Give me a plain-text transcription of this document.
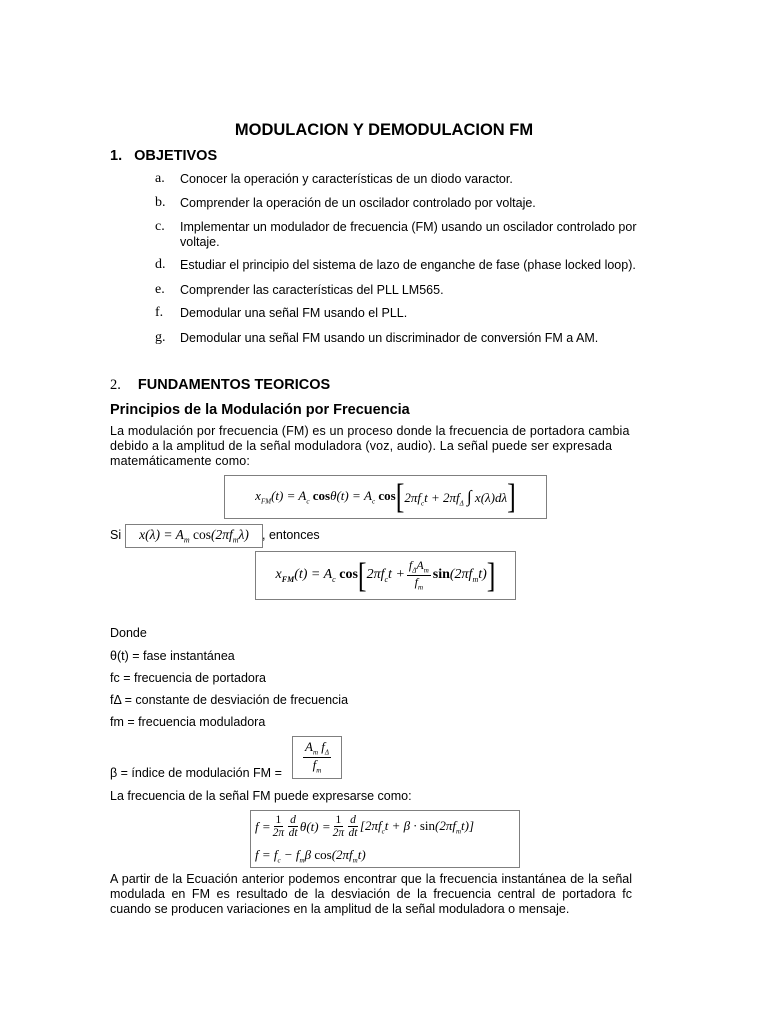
MODULACION Y DEMODULACION FM
1. OBJETIVOS
a.	Conocer la operación y características de un diodo varactor.
b.	Comprender la operación de un oscilador controlado por voltaje.
c.	Implementar un modulador de frecuencia (FM) usando un oscilador controlado por voltaje.
d.	Estudiar el principio del sistema de lazo de enganche de fase (phase locked loop).
e.	Comprender las características del PLL LM565.
f.	Demodular una señal FM usando el PLL.
g.	Demodular una señal FM usando un discriminador de conversión FM a AM.
2. FUNDAMENTOS TEORICOS
Principios de la Modulación por Frecuencia
La modulación por frecuencia (FM) es un proceso donde la frecuencia de portadora cambia debido a la amplitud de la señal moduladora (voz, audio). La señal puede ser expresada matemáticamente como:
$x_{FM}(t) = A_c$ $\cos\theta(t) = A_c$ cos [ $2\pi f_ct + 2\pi f_\Delta$ ∫ x(λ)dλ ]
Si $x(\lambda) = A_m$ $\cos(2\pi f_m\lambda)$ , entonces
$x_{FM}(t) = A_c$ cos [ $2\pi f_ct + \frac{f_\Delta A_m}{f_m} \sin(2\pi f_mt)$ ]
Donde
θ(t) = fase instantánea
fc = frecuencia de portadora
fΔ = constante de desviación de frecuencia
fm = frecuencia moduladora
β = índice de modulación FM = $\frac{A_m f_\Delta}{f_m}$
La frecuencia de la señal FM puede expresarse como:
$f = \frac{1}{2\pi} \frac{d}{dt} \theta(t) = \frac{1}{2\pi} \frac{d}{dt} [2\pi f_ct + \beta \cdot \sin(2\pi f_mt)]$
$f = f_c - f_m\beta$ $\cos(2\pi f_mt)$
A partir de la Ecuación anterior podemos encontrar que la frecuencia instantánea de la señal modulada en FM es resultado de la desviación de la frecuencia central de portadora fc cuando se producen variaciones en la amplitud de la señal moduladora o mensaje.
